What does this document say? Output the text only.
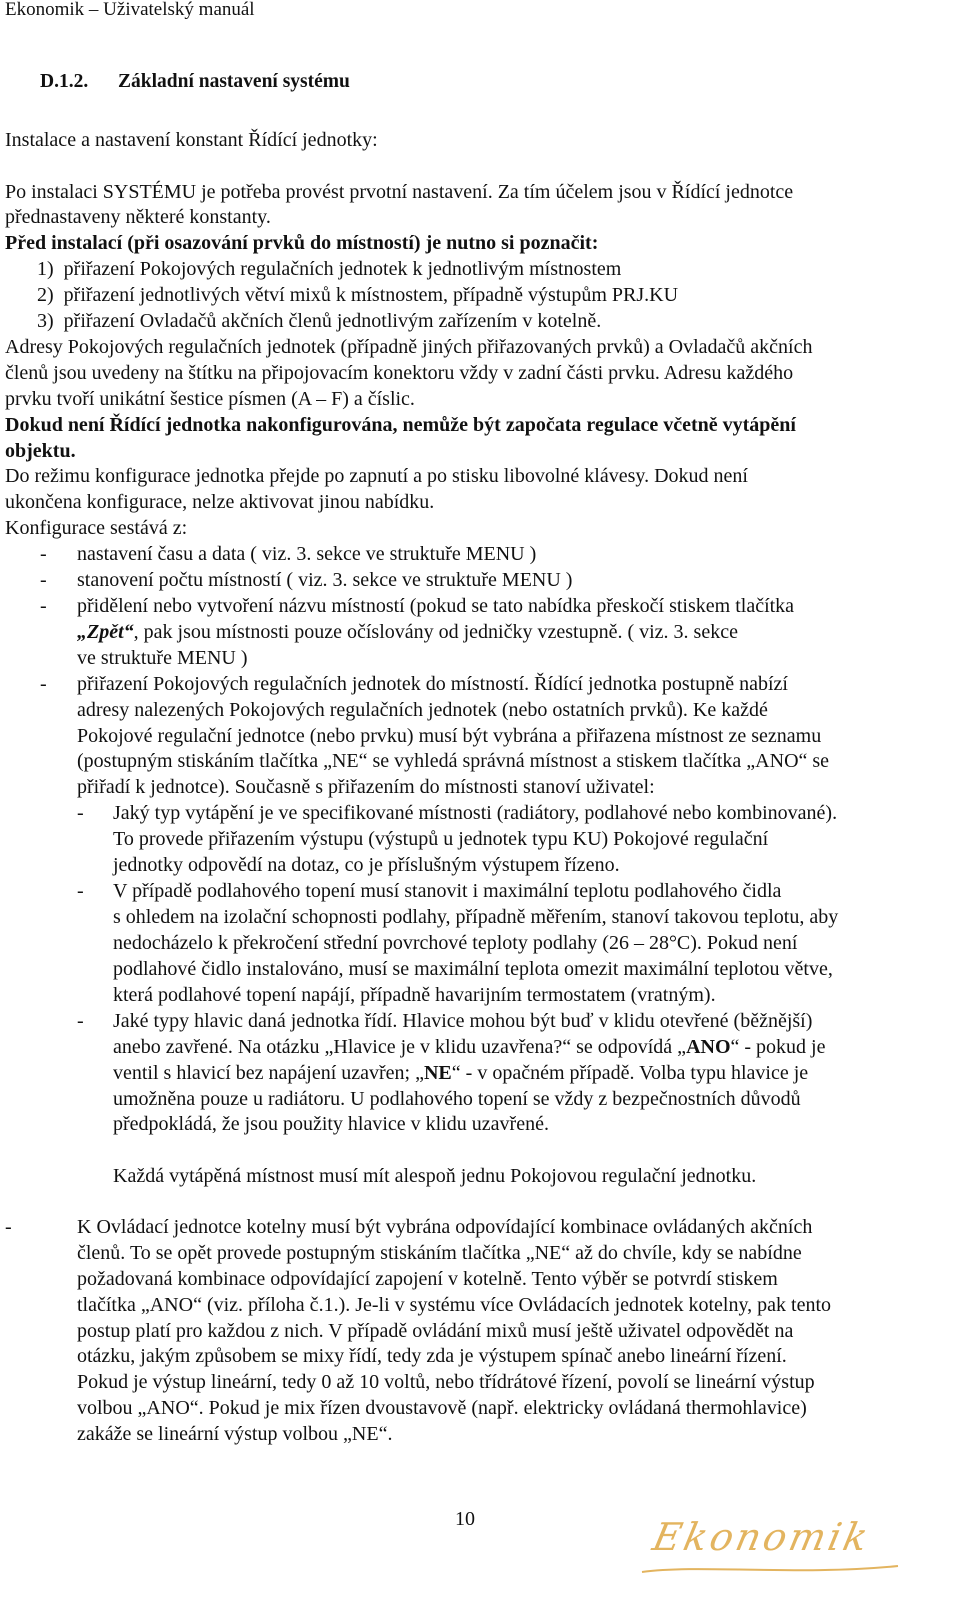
Ekonomik – Uživatelský manuál
D.1.2. Základní nastavení systému
Instalace a nastavení konstant Řídící jednotky:
Po instalaci SYSTÉMU je potřeba provést prvotní nastavení. Za tím účelem jsou v Řídící jednotce
přednastaveny některé konstanty.
Před instalací (při osazování prvků do místností) je nutno si poznačit:
1) přiřazení Pokojových regulačních jednotek k jednotlivým místnostem
2) přiřazení jednotlivých větví mixů k místnostem, případně výstupům PRJ.KU
3) přiřazení Ovladačů akčních členů jednotlivým zařízením v kotelně.
Adresy Pokojových regulačních jednotek (případně jiných přiřazovaných prvků) a Ovladačů akčních
členů jsou uvedeny na štítku na připojovacím konektoru vždy v zadní části prvku. Adresu každého
prvku tvoří unikátní šestice písmen (A – F) a číslic.
Dokud není Řídící jednotka nakonfigurována, nemůže být započata regulace včetně vytápění
objektu.
Do režimu konfigurace jednotka přejde po zapnutí a po stisku libovolné klávesy. Dokud není
ukončena konfigurace, nelze aktivovat jinou nabídku.
Konfigurace sestává z:
- nastavení času a data ( viz. 3. sekce ve struktuře MENU )
- stanovení počtu místností ( viz. 3. sekce ve struktuře MENU )
- přidělení nebo vytvoření názvu místností (pokud se tato nabídka přeskočí stiskem tlačítka
„Zpět“, pak jsou místnosti pouze očíslovány od jedničky vzestupně. ( viz. 3. sekce
ve struktuře MENU )
- přiřazení Pokojových regulačních jednotek do místností. Řídící jednotka postupně nabízí
adresy nalezených Pokojových regulačních jednotek (nebo ostatních prvků). Ke každé
Pokojové regulační jednotce (nebo prvku) musí být vybrána a přiřazena místnost ze seznamu
(postupným stiskáním tlačítka „NE“ se vyhledá správná místnost a stiskem tlačítka „ANO“ se
přiřadí k jednotce). Současně s přiřazením do místnosti stanoví uživatel:
- Jaký typ vytápění je ve specifikované místnosti (radiátory, podlahové nebo kombinované).
To provede přiřazením výstupu (výstupů u jednotek typu KU) Pokojové regulační
jednotky odpovědí na dotaz, co je příslušným výstupem řízeno.
- V případě podlahového topení musí stanovit i maximální teplotu podlahového čidla
s ohledem na izolační schopnosti podlahy, případně měřením, stanoví takovou teplotu, aby
nedocházelo k překročení střední povrchové teploty podlahy (26 – 28°C). Pokud není
podlahové čidlo instalováno, musí se maximální teplota omezit maximální teplotou větve,
která podlahové topení napájí, případně havarijním termostatem (vratným).
- Jaké typy hlavic daná jednotka řídí. Hlavice mohou být buď v klidu otevřené (běžnější)
anebo zavřené. Na otázku „Hlavice je v klidu uzavřena?“ se odpovídá „ANO“ - pokud je
ventil s hlavicí bez napájení uzavřen; „NE“ - v opačném případě. Volba typu hlavice je
umožněna pouze u radiátoru. U podlahového topení se vždy z bezpečnostních důvodů
předpokládá, že jsou použity hlavice v klidu uzavřené.
Každá vytápěná místnost musí mít alespoň jednu Pokojovou regulační jednotku.
-	K Ovládací jednotce kotelny musí být vybrána odpovídající kombinace ovládaných akčních
členů. To se opět provede postupným stiskáním tlačítka „NE“ až do chvíle, kdy se nabídne
požadovaná kombinace odpovídající zapojení v kotelně. Tento výběr se potvrdí stiskem
tlačítka „ANO“ (viz. příloha č.1.). Je-li v systému více Ovládacích jednotek kotelny, pak tento
postup platí pro každou z nich. V případě ovládání mixů musí ještě uživatel odpovědět na
otázku, jakým způsobem se mixy řídí, tedy zda je výstupem spínač anebo lineární řízení.
Pokud je výstup lineární, tedy 0 až 10 voltů, nebo třídrátové řízení, povolí se lineární výstup
volbou „ANO“. Pokud je mix řízen dvoustavově (např. elektricky ovládaná thermohlavice)
zakáže se lineární výstup volbou „NE“.
10	Ekonomik
